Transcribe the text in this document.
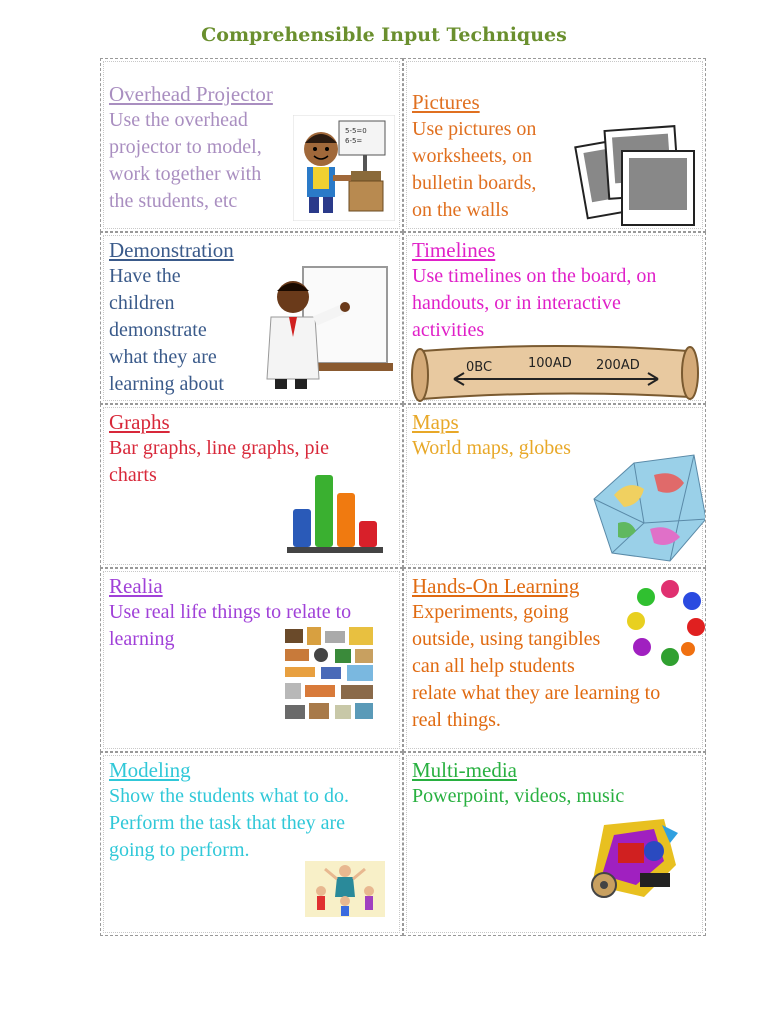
Comprehensible Input Techniques
Overhead Projector
Use the overhead
projector to model,
work together with
the students, etc
5-5=0
6-5=
Pictures
Use pictures on
worksheets, on
bulletin boards,
on the walls
Demonstration
Have the
children
demonstrate
what they are
learning about
Timelines
Use timelines on the board, on
handouts, or in interactive
activities
0BC	100AD 200AD
Graphs
Bar graphs, line graphs, pie
charts
Maps
World maps, globes
Realia
Use real life things to relate to
learning
Hands-On Learning
Experiments, going
outside, using tangibles
can all help students
relate what they are learning to
real things.
Modeling
Show the students what to do.
Perform the task that they are
going to perform.
Multi-media
Powerpoint, videos, music
